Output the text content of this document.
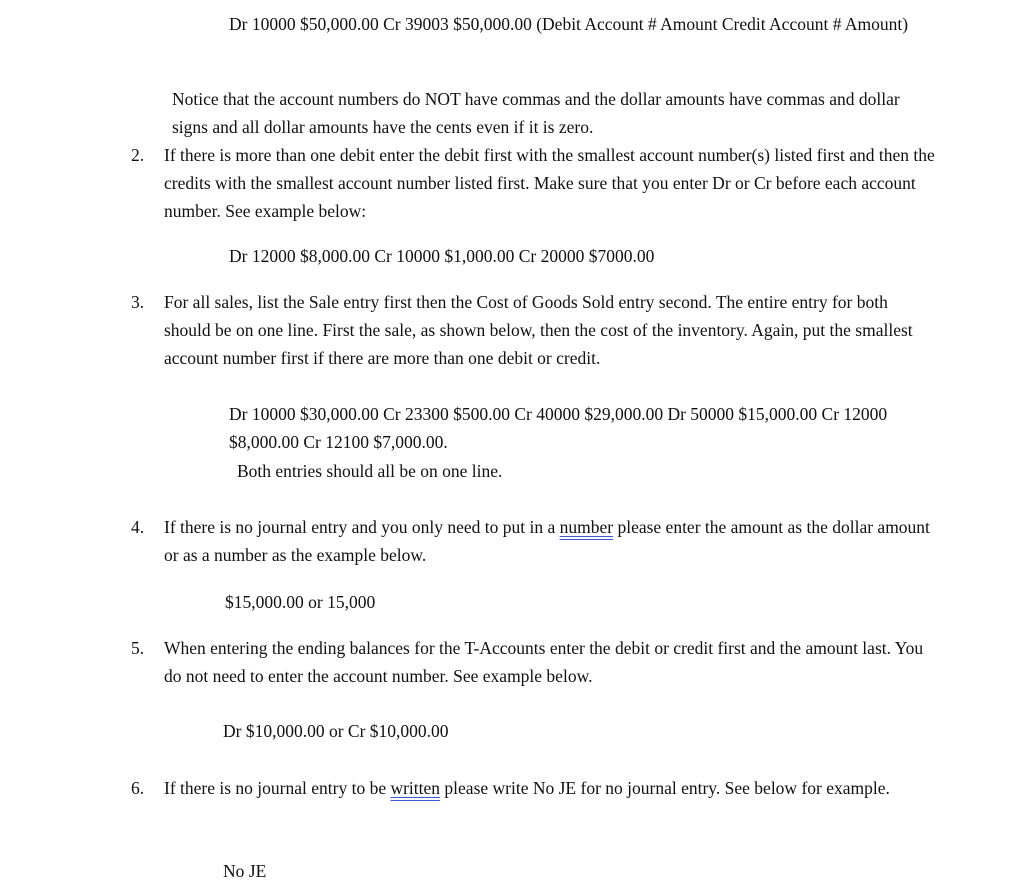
Dr 10000 $50,000.00 Cr 39003 $50,000.00 (Debit Account # Amount Credit Account # Amount)

Notice that the account numbers do NOT have commas and the dollar amounts have commas and dollar signs and all dollar amounts have the cents even if it is zero.

2.	If there is more than one debit enter the debit first with the smallest account number(s) listed first and then the credits with the smallest account number listed first. Make sure that you enter Dr or Cr before each account number. See example below:

Dr 12000 $8,000.00 Cr 10000 $1,000.00 Cr 20000 $7000.00

3.	For all sales, list the Sale entry first then the Cost of Goods Sold entry second. The entire entry for both should be on one line. First the sale, as shown below, then the cost of the inventory. Again, put the smallest account number first if there are more than one debit or credit.

Dr 10000 $30,000.00 Cr 23300 $500.00 Cr 40000 $29,000.00 Dr 50000 $15,000.00 Cr 12000 $8,000.00 Cr 12100 $7,000.00.

Both entries should all be on one line.

4.	If there is no journal entry and you only need to put in a number please enter the amount as the dollar amount or as a number as the example below.

$15,000.00 or 15,000

5.	When entering the ending balances for the T-Accounts enter the debit or credit first and the amount last. You do not need to enter the account number. See example below.

Dr $10,000.00 or Cr $10,000.00

6.	If there is no journal entry to be written please write No JE for no journal entry. See below for example.

No JE
